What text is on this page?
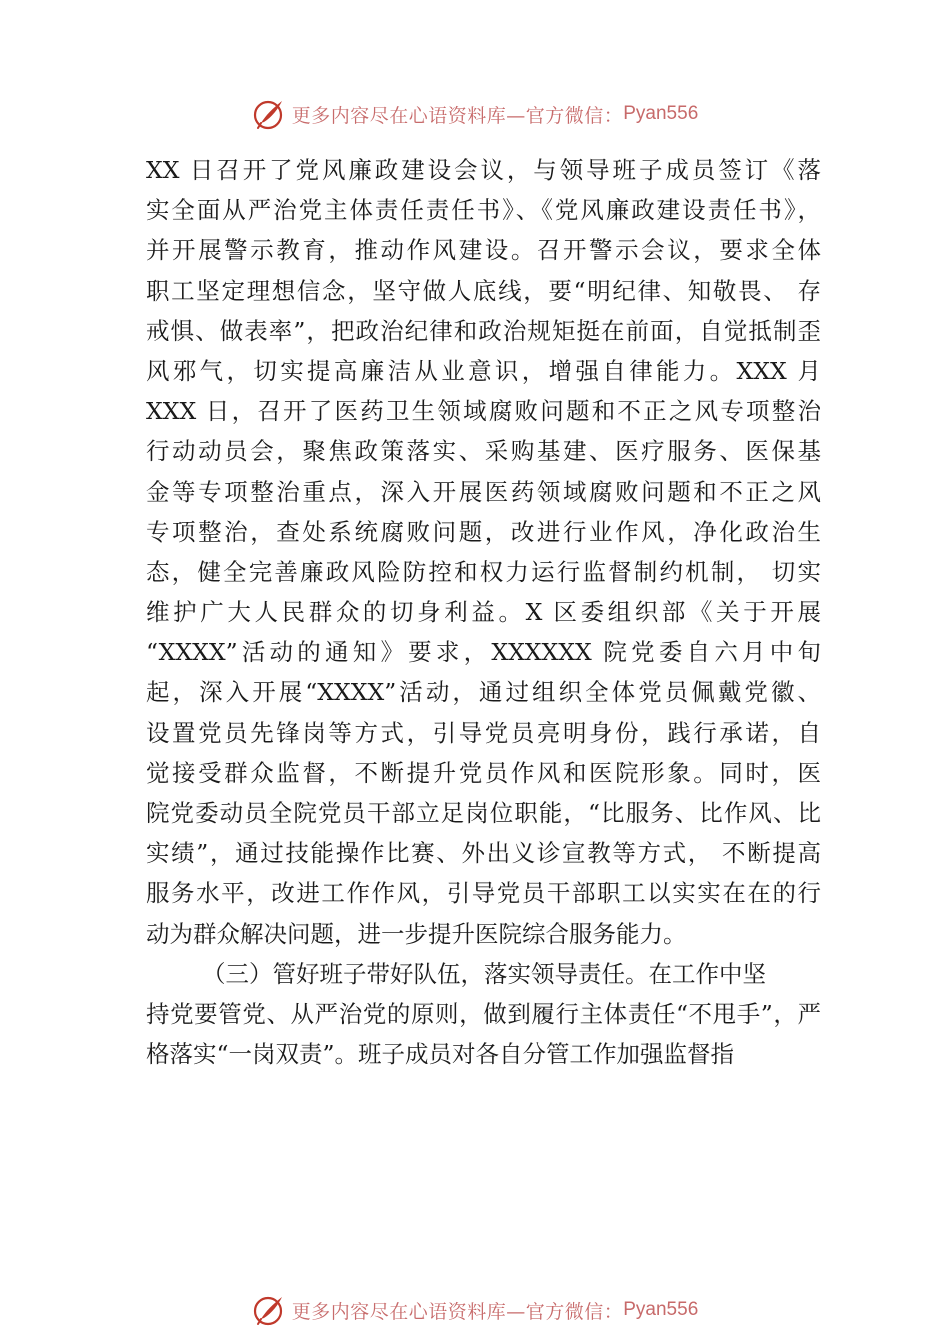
更多内容尽在心语资料库—官方微信： Pyan556
XX 日召开了党风廉政建设会议，与领导班子成员签订《落
实全面从严治党主体责任责任书》、《党风廉政建设责任书》，
并开展警示教育，推动作风建设。召开警示会议，要求全体
职工坚定理想信念，坚守做人底线，要“明纪律、知敬畏、 存
戒惧、做表率”，把政治纪律和政治规矩挺在前面，自觉抵制歪
风邪气，切实提高廉洁从业意识，增强自律能力。XXX 月
XXX 日，召开了医药卫生领域腐败问题和不正之风专项整治
行动动员会，聚焦政策落实、采购基建、医疗服务、医保基
金等专项整治重点，深入开展医药领域腐败问题和不正之风
专项整治，查处系统腐败问题，改进行业作风，净化政治生
态，健全完善廉政风险防控和权力运行监督制约机制， 切实
维护广大人民群众的切身利益。X 区委组织部《关于开展
“XXXX”活动的通知》要求，XXXXXX 院党委自六月中旬
起，深入开展“XXXX”活动，通过组织全体党员佩戴党徽、
设置党员先锋岗等方式，引导党员亮明身份，践行承诺，自
觉接受群众监督，不断提升党员作风和医院形象。同时，医
院党委动员全院党员干部立足岗位职能，“比服务、比作风、比
实绩”，通过技能操作比赛、外出义诊宣教等方式， 不断提高
服务水平，改进工作作风，引导党员干部职工以实实在在的行
动为群众解决问题，进一步提升医院综合服务能力。
（三）管好班子带好队伍，落实领导责任。在工作中坚
持党要管党、从严治党的原则，做到履行主体责任“不甩手”，严
格落实“一岗双责”。班子成员对各自分管工作加强监督指
更多内容尽在心语资料库—官方微信： Pyan556
